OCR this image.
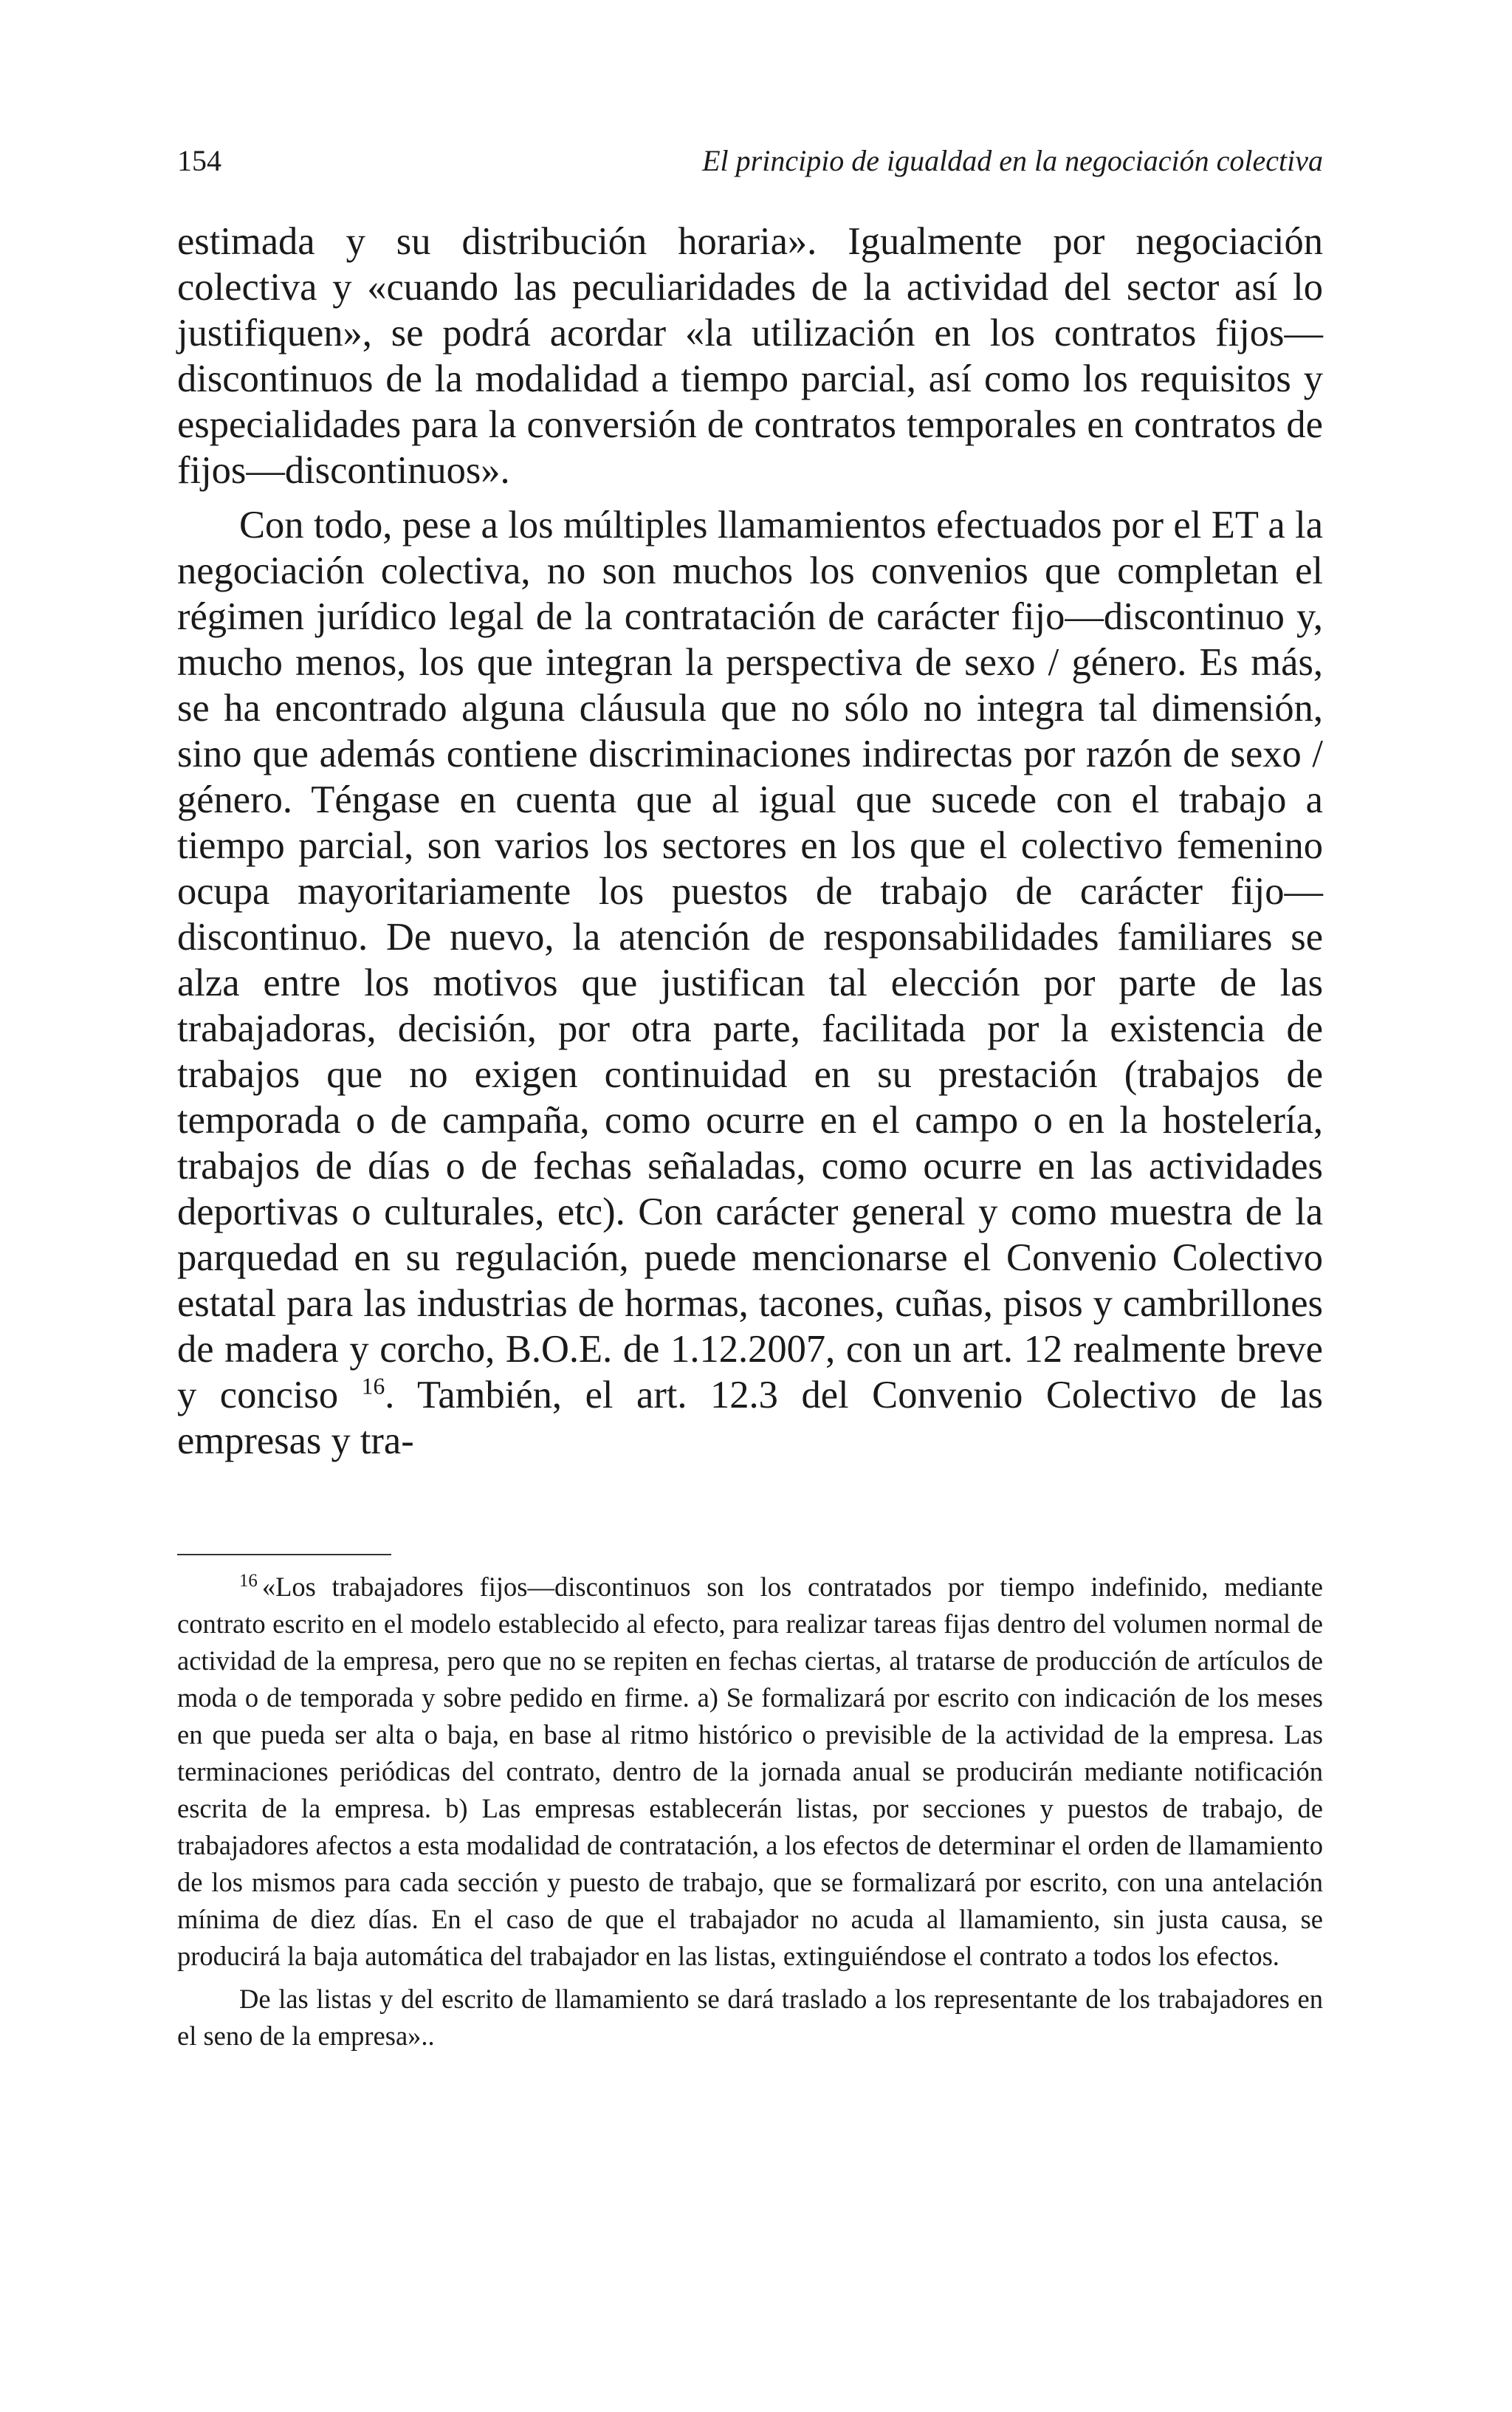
154	El principio de igualdad en la negociación colectiva

estimada y su distribución horaria». Igualmente por negociación colectiva y «cuando las peculiaridades de la actividad del sector así lo justifiquen», se podrá acordar «la utilización en los contratos fijos—discontinuos de la modalidad a tiempo parcial, así como los requisitos y especialidades para la conversión de contratos temporales en contratos de fijos—discontinuos».

Con todo, pese a los múltiples llamamientos efectuados por el ET a la negociación colectiva, no son muchos los convenios que completan el régimen jurídico legal de la contratación de carácter fijo—discontinuo y, mucho menos, los que integran la perspectiva de sexo / género. Es más, se ha encontrado alguna cláusula que no sólo no integra tal dimensión, sino que además contiene discriminaciones indirectas por razón de sexo / género. Téngase en cuenta que al igual que sucede con el trabajo a tiempo parcial, son varios los sectores en los que el colectivo femenino ocupa mayoritariamente los puestos de trabajo de carácter fijo—discontinuo. De nuevo, la atención de responsabilidades familiares se alza entre los motivos que justifican tal elección por parte de las trabajadoras, decisión, por otra parte, facilitada por la existencia de trabajos que no exigen continuidad en su prestación (trabajos de temporada o de campaña, como ocurre en el campo o en la hostelería, trabajos de días o de fechas señaladas, como ocurre en las actividades deportivas o culturales, etc). Con carácter general y como muestra de la parquedad en su regulación, puede mencionarse el Convenio Colectivo estatal para las industrias de hormas, tacones, cuñas, pisos y cambrillones de madera y corcho, B.O.E. de 1.12.2007, con un art. 12 realmente breve y conciso $^{16}$. También, el art. 12.3 del Convenio Colectivo de las empresas y tra-

$^{16}$ «Los trabajadores fijos—discontinuos son los contratados por tiempo indefinido, mediante contrato escrito en el modelo establecido al efecto, para realizar tareas fijas dentro del volumen normal de actividad de la empresa, pero que no se repiten en fechas ciertas, al tratarse de producción de artículos de moda o de temporada y sobre pedido en firme. a) Se formalizará por escrito con indicación de los meses en que pueda ser alta o baja, en base al ritmo histórico o previsible de la actividad de la empresa. Las terminaciones periódicas del contrato, dentro de la jornada anual se producirán mediante notificación escrita de la empresa. b) Las empresas establecerán listas, por secciones y puestos de trabajo, de trabajadores afectos a esta modalidad de contratación, a los efectos de determinar el orden de llamamiento de los mismos para cada sección y puesto de trabajo, que se formalizará por escrito, con una antelación mínima de diez días. En el caso de que el trabajador no acuda al llamamiento, sin justa causa, se producirá la baja automática del trabajador en las listas, extinguiéndose el contrato a todos los efectos.

De las listas y del escrito de llamamiento se dará traslado a los representante de los trabajadores en el seno de la empresa»..
